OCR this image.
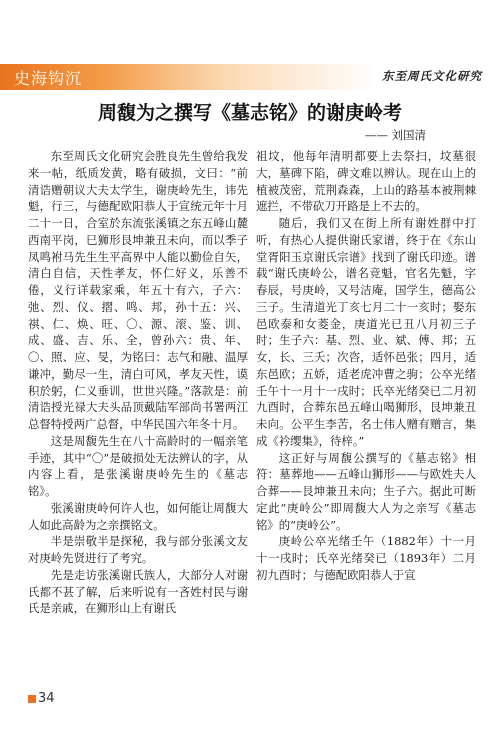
史海钩沉	东至周氏文化研究
周馥为之撰写《墓志铭》的谢庚岭考
—— 刘国清

东至周氏文化研究会胜良先生曾给我发来一帖，纸质发黄，略有破损，文曰：“前清诰赠朝议大夫太学生，谢庚岭先生，讳先魁，行三，与德配欧阳恭人于宣统元年十月二十一日，合室於东流张溪镇之东五峰山麓西南平岗，巳狮形艮坤兼丑未向，而以季子凤鸣袝马先生生平高界中人能以勤俭自矢，清白自信，天性孝友，怀仁好义，乐善不倦，义行详载家乘，年五十有六，子六：弛、烈、仪、摺、鸣、邦，孙十五：兴、祺、仁、焕、旺、〇、源、滚、鉴、训、成、盛、吉、乐、全，曾孙六：贵、年、〇、照、应、旻，为铭曰：志气和融、温厚谦冲，勤尽一生，清白可风，孝友天性，谟积於躬，仁义垂训，世世兴隆。”落款是：前清诰授光禄大夫头品顶戴陆军部尚书署两江总督特授两广总督，中华民国六年冬十月。

这是周馥先生在八十高龄时的一幅亲笔手迹，其中“〇”是破损处无法辨认的字，从内容上看，是张溪谢庚岭先生的《墓志铭》。

张溪谢庚岭何许人也，如何能让周馥大人如此高龄为之亲撰铭文。

半是崇敬半是探秘，我与部分张溪文友对庚岭先贤进行了考究。

先是走访张溪谢氏族人，大部分人对谢氏都不甚了解，后来听说有一吝姓村民与谢氏是亲戚，在狮形山上有谢氏

祖坟，他每年清明都要上去祭扫，坟墓很大，墓碑下陷，碑文难以辨认。现在山上的植被茂密，荒荆森森，上山的路基本被荆棘遮拦，不带砍刀开路是上不去的。

随后，我们又在街上所有谢姓群中打听，有热心人提供谢氏家谱，终于在《东山堂胥阳玉京谢氏宗谱》找到了谢氏印迹。谱载“谢氏庚岭公，谱名竞魁，官名先魁，字春辰，号庚岭，又号洁庵，国学生，德高公三子。生清道光丁亥七月二十一亥时；娶东邑欧泰和女菱金，庚道光已丑八月初三子时；生子六：基、烈、业、斌、傅、邦；五女，长、三夭；次咨，适怀邑张；四月，适东邑欧；五娇，适老虎冲曹之驹；公卒光绪壬午十一月十一戌时；氏卒光绪癸已二月初九酉时，合葬东邑五峰山喝狮形，艮坤兼丑未向。公平生李苦，名士伟人赠有赠言，集成《衿缨集》，待梓。”

这正好与周馥公撰写的《墓志铭》相符：墓葬地——五峰山狮形——与欧姓夫人合葬——艮坤兼丑未向；生子六。据此可断定此“庚岭公”即周馥大人为之亲写《墓志铭》的“庚岭公”。

庚岭公卒光绪壬午（1882年）十一月十一戌时；氏卒光绪癸已（1893年）二月初九酉时；与德配欧阳恭人于宣

34
